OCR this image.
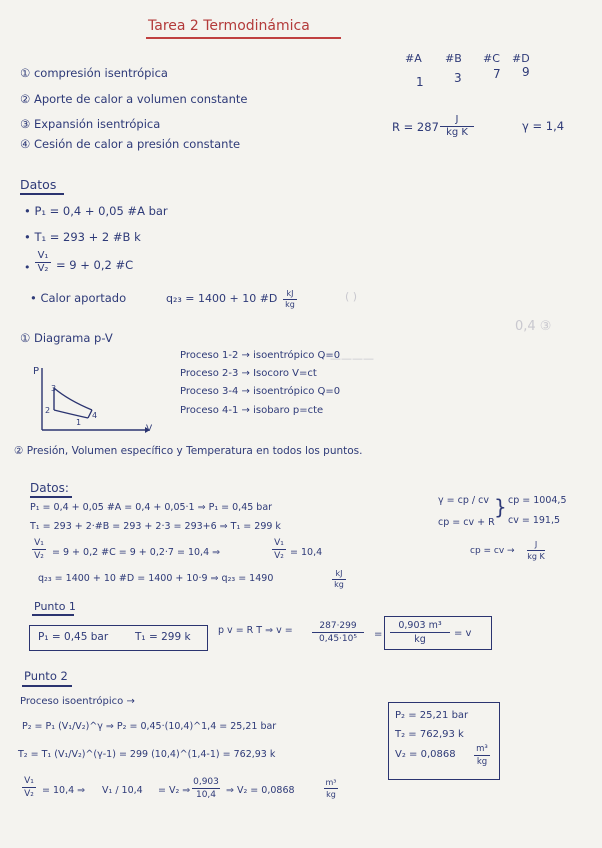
Tarea 2 Termodinámica
① compresión isentrópica
② Aporte de calor a volumen constante
③ Expansión isentrópica
④ Cesión de calor a presión constante
#A #B #C #D
1	3	7 9
R = 287
J
kg K	γ = 1,4
Datos
• P₁ = 0,4 + 0,05 #A bar
• T₁ = 293 + 2 #B k
•
V₁
V₂ = 9 + 0,2 #C
• Calor aportado	q₂₃ = 1400 + 10 #D kJ
kg
( )
0,4 ③
————
① Diagrama p-V
P
V
3
2
1
4
Proceso 1-2 → isoentrópico Q=0
Proceso 2-3 → Isocoro V=ct
Proceso 3-4 → isoentrópico Q=0
Proceso 4-1 → isobaro p=cte
② Presión, Volumen específico y Temperatura en todos los puntos.
Datos:
P₁ = 0,4 + 0,05 #A = 0,4 + 0,05·1 ⇒ P₁ = 0,45 bar
T₁ = 293 + 2·#B = 293 + 2·3 = 293+6 ⇒ T₁ = 299 k
V₁
V₂ = 9 + 0,2 #C = 9 + 0,2·7 = 10,4 ⇒
V₁
V₂ = 10,4
q₂₃ = 1400 + 10 #D = 1400 + 10·9 ⇒ q₂₃ = 1490	kJ
kg
γ = cp / cv
cp = cv + R
} cp = 1004,5
cv = 191,5
cp = cv →
J
kg K
Punto 1
P₁ = 0,45 bar	T₁ = 299 k
p v = R T ⇒ v =	287·299
0,45·10⁵ =
0,903 m³
kg
= v
Punto 2
Proceso isoentrópico →
P₂ = P₁ (V₁/V₂)^γ ⇒ P₂ = 0,45·(10,4)^1,4 = 25,21 bar
T₂ = T₁ (V₁/V₂)^(γ-1) = 299 (10,4)^(1,4-1) = 762,93 k
V₁
V₂ = 10,4 ⇒ V₁ / 10,4 = V₂ ⇒
0,903
10,4 ⇒ V₂ = 0,0868
m³
kg
P₂ = 25,21 bar
T₂ = 762,93 k
V₂ = 0,0868 m³
kg
